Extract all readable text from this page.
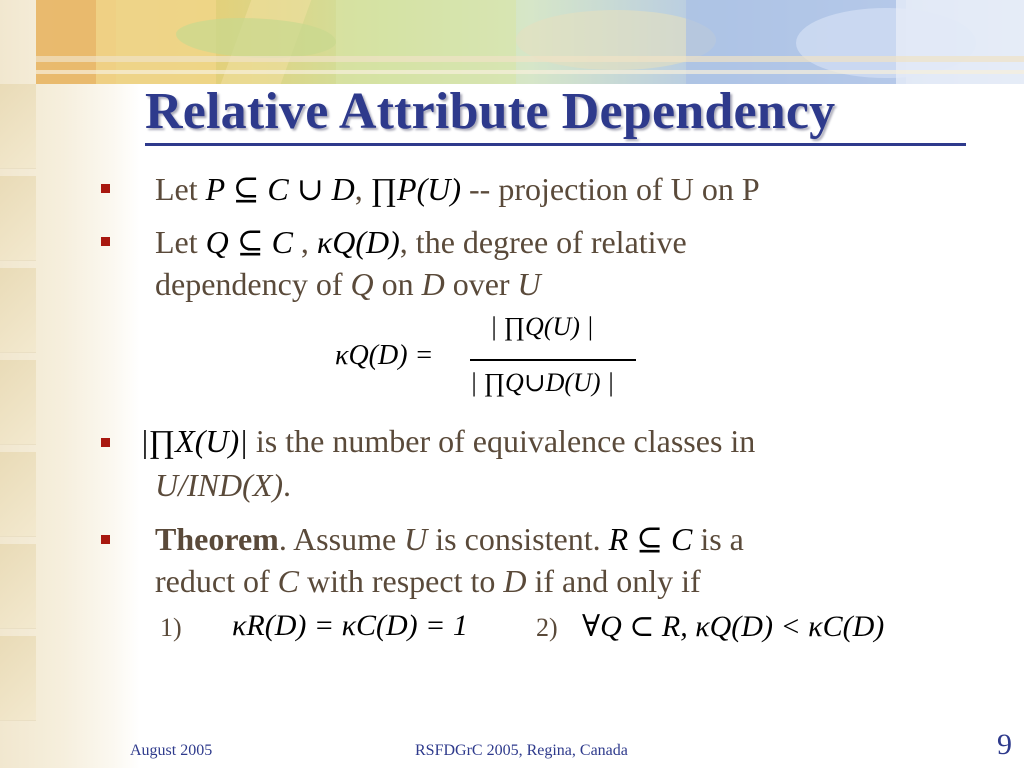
Relative Attribute Dependency
Let P ⊆ C ∪ D, ∏P(U) -- projection of U on P
Let Q ⊆ C , κQ(D), the degree of relative
dependency of Q on D over U
κQ(D) =
| ∏Q(U) |
| ∏Q∪D(U) |
|∏X(U)| is the number of equivalence classes in
U/IND(X).
Theorem. Assume U is consistent. R ⊆ C is a
reduct of C with respect to D if and only if
1) κR(D) = κC(D) = 1	2) ∀Q ⊂ R, κQ(D) < κC(D)
August 2005	RSFDGrC 2005, Regina, Canada	9
